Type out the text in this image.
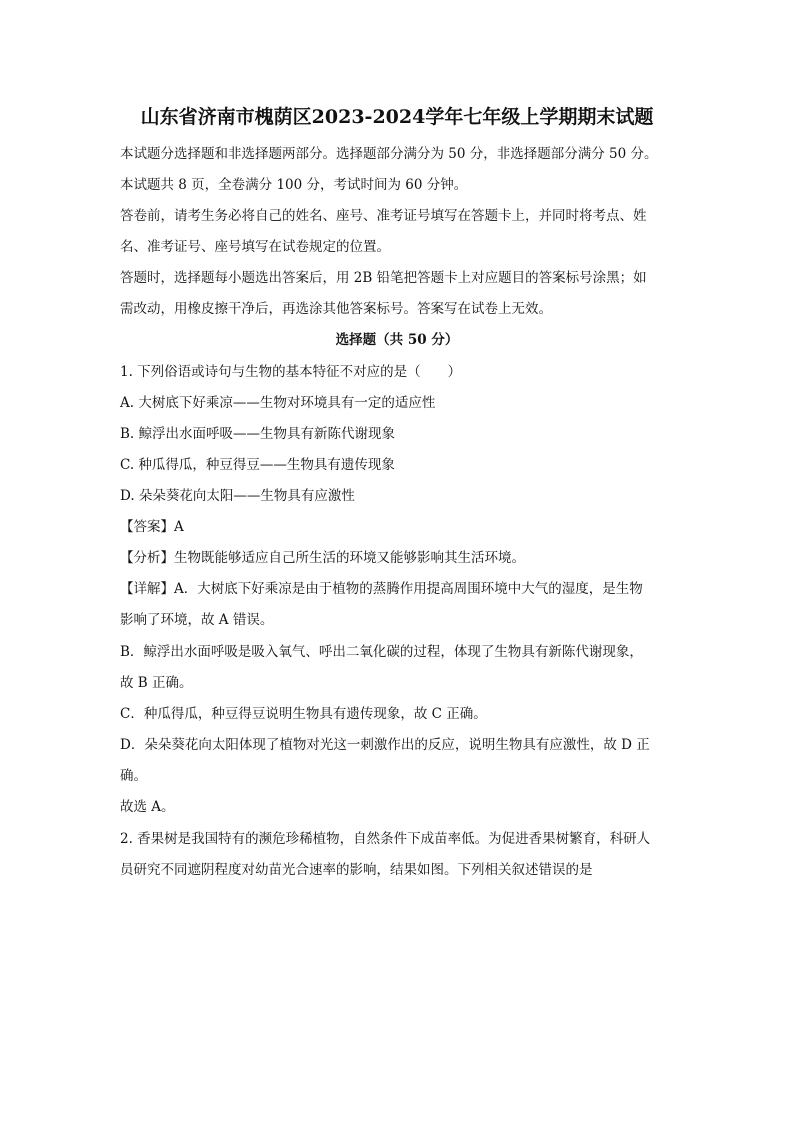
山东省济南市槐荫区2023-2024学年七年级上学期期末试题
本试题分选择题和非选择题两部分。选择题部分满分为 50 分，非选择题部分满分 50 分。
本试题共 8 页，全卷满分 100 分，考试时间为 60 分钟。
答卷前，请考生务必将自己的姓名、座号、准考证号填写在答题卡上，并同时将考点、姓
名、准考证号、座号填写在试卷规定的位置。
答题时，选择题每小题选出答案后，用 2B 铅笔把答题卡上对应题目的答案标号涂黑；如
需改动，用橡皮擦干净后，再选涂其他答案标号。答案写在试卷上无效。
选择题（共 50 分）
1. 下列俗语或诗句与生物的基本特征不对应的是（　　）
A. 大树底下好乘凉——生物对环境具有一定的适应性
B. 鲸浮出水面呼吸——生物具有新陈代谢现象
C. 种瓜得瓜，种豆得豆——生物具有遗传现象
D. 朵朵葵花向太阳——生物具有应激性
【答案】A
【分析】生物既能够适应自己所生活的环境又能够影响其生活环境。
【详解】A．大树底下好乘凉是由于植物的蒸腾作用提高周围环境中大气的湿度，是生物
影响了环境，故 A 错误。
B．鲸浮出水面呼吸是吸入氧气、呼出二氧化碳的过程，体现了生物具有新陈代谢现象，
故 B 正确。
C．种瓜得瓜，种豆得豆说明生物具有遗传现象，故 C 正确。
D．朵朵葵花向太阳体现了植物对光这一刺激作出的反应，说明生物具有应激性，故 D 正
确。
故选 A。
2. 香果树是我国特有的濒危珍稀植物，自然条件下成苗率低。为促进香果树繁育，科研人
员研究不同遮阴程度对幼苗光合速率的影响，结果如图。下列相关叙述错误的是
